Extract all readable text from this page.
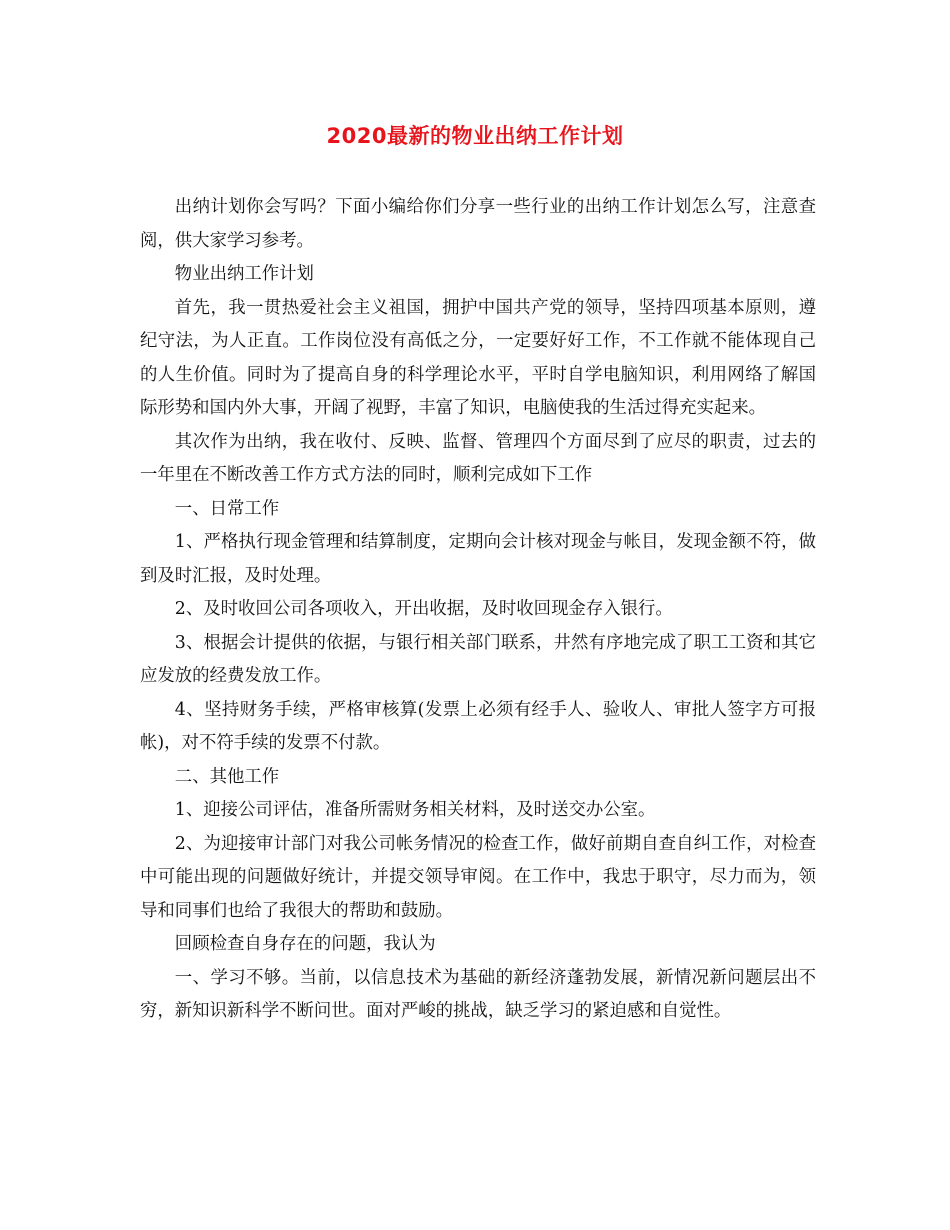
2020最新的物业出纳工作计划

出纳计划你会写吗？下面小编给你们分享一些行业的出纳工作计划怎么写，注意查阅，供大家学习参考。

物业出纳工作计划

首先，我一贯热爱社会主义祖国，拥护中国共产党的领导，坚持四项基本原则，遵纪守法，为人正直。工作岗位没有高低之分，一定要好好工作，不工作就不能体现自己的人生价值。同时为了提高自身的科学理论水平，平时自学电脑知识，利用网络了解国际形势和国内外大事，开阔了视野，丰富了知识，电脑使我的生活过得充实起来。

其次作为出纳，我在收付、反映、监督、管理四个方面尽到了应尽的职责，过去的一年里在不断改善工作方式方法的同时，顺利完成如下工作

一、日常工作

1、严格执行现金管理和结算制度，定期向会计核对现金与帐目，发现金额不符，做到及时汇报，及时处理。

2、及时收回公司各项收入，开出收据，及时收回现金存入银行。

3、根据会计提供的依据，与银行相关部门联系，井然有序地完成了职工工资和其它应发放的经费发放工作。

4、坚持财务手续，严格审核算(发票上必须有经手人、验收人、审批人签字方可报帐)，对不符手续的发票不付款。

二、其他工作

1、迎接公司评估，准备所需财务相关材料，及时送交办公室。

2、为迎接审计部门对我公司帐务情况的检查工作，做好前期自查自纠工作，对检查中可能出现的问题做好统计，并提交领导审阅。在工作中，我忠于职守，尽力而为，领导和同事们也给了我很大的帮助和鼓励。

回顾检查自身存在的问题，我认为

一、学习不够。当前，以信息技术为基础的新经济蓬勃发展，新情况新问题层出不穷，新知识新科学不断问世。面对严峻的挑战，缺乏学习的紧迫感和自觉性。
